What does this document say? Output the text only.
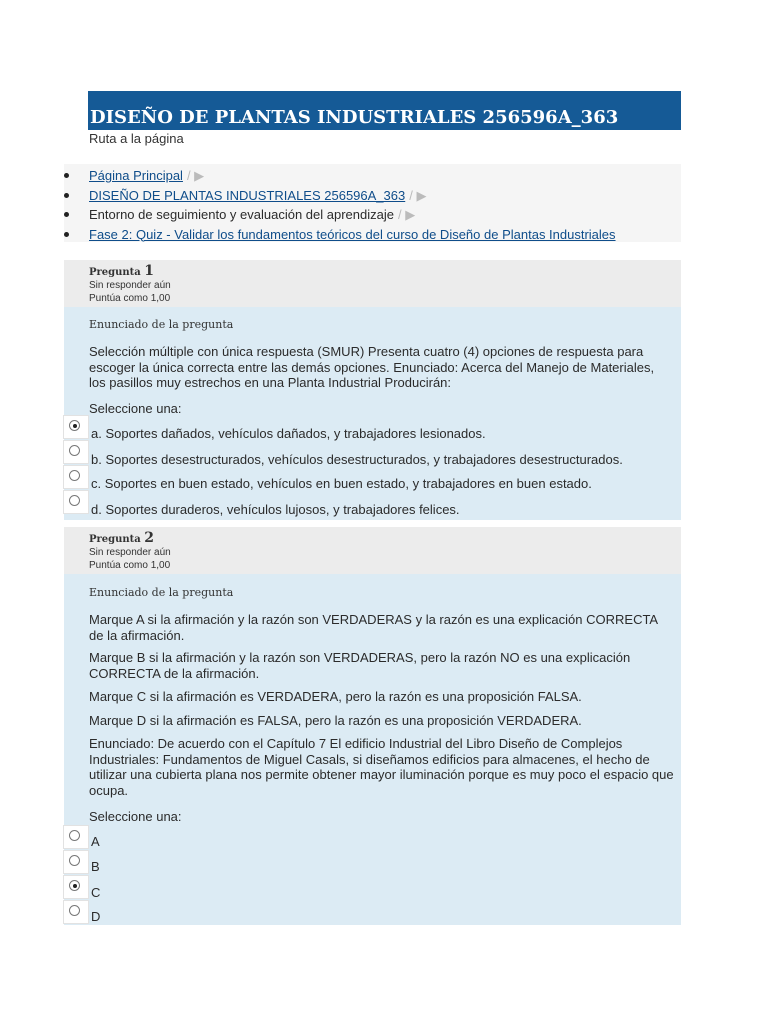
DISEÑO DE PLANTAS INDUSTRIALES 256596A_363
Ruta a la página
Página Principal / ▶
DISEÑO DE PLANTAS INDUSTRIALES 256596A_363 / ▶
Entorno de seguimiento y evaluación del aprendizaje / ▶
Fase 2: Quiz - Validar los fundamentos teóricos del curso de Diseño de Plantas Industriales
Pregunta 1
Sin responder aún
Puntúa como 1,00
Enunciado de la pregunta
Selección múltiple con única respuesta (SMUR) Presenta cuatro (4) opciones de respuesta para escoger la única correcta entre las demás opciones. Enunciado: Acerca del Manejo de Materiales, los pasillos muy estrechos en una Planta Industrial Producirán:
Seleccione una:
a. Soportes dañados, vehículos dañados, y trabajadores lesionados.
b. Soportes desestructurados, vehículos desestructurados, y trabajadores desestructurados.
c. Soportes en buen estado, vehículos en buen estado, y trabajadores en buen estado.
d. Soportes duraderos, vehículos lujosos, y trabajadores felices.
Pregunta 2
Sin responder aún
Puntúa como 1,00
Enunciado de la pregunta
Marque A si la afirmación y la razón son VERDADERAS y la razón es una explicación CORRECTA de la afirmación.
Marque B si la afirmación y la razón son VERDADERAS, pero la razón NO es una explicación CORRECTA de la afirmación.
Marque C si la afirmación es VERDADERA, pero la razón es una proposición FALSA.
Marque D si la afirmación es FALSA, pero la razón es una proposición VERDADERA.
Enunciado: De acuerdo con el Capítulo 7 El edificio Industrial del Libro Diseño de Complejos Industriales: Fundamentos de Miguel Casals, si diseñamos edificios para almacenes, el hecho de utilizar una cubierta plana nos permite obtener mayor iluminación porque es muy poco el espacio que ocupa.
Seleccione una:
A
B
C
D
